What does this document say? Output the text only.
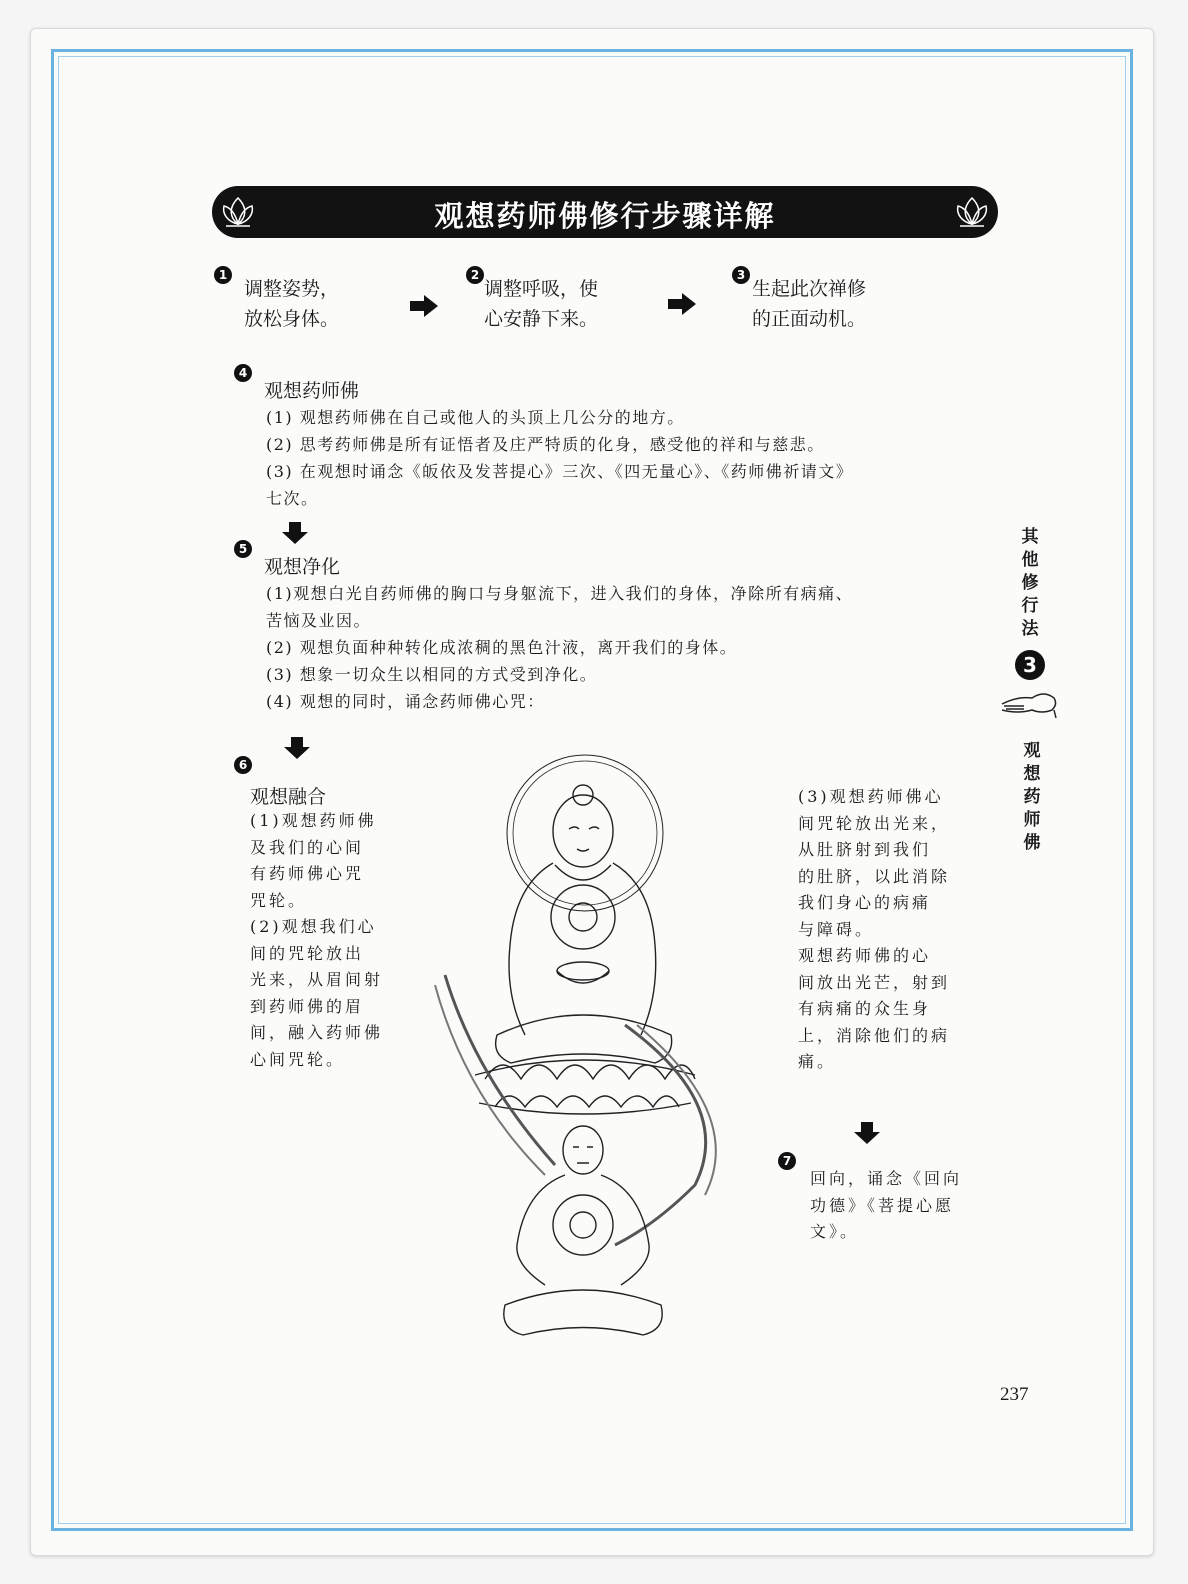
观想药师佛修行步骤详解
1
调整姿势，
放松身体。
2
调整呼吸，使
心安静下来。
3
生起此次禅修
的正面动机。
4
观想药师佛
(1) 观想药师佛在自己或他人的头顶上几公分的地方。
(2) 思考药师佛是所有证悟者及庄严特质的化身，感受他的祥和与慈悲。
(3) 在观想时诵念《皈依及发菩提心》三次、《四无量心》、《药师佛祈请文》
七次。
5
观想净化
(1)观想白光自药师佛的胸口与身躯流下，进入我们的身体，净除所有病痛、
苦恼及业因。
(2) 观想负面种种转化成浓稠的黑色汁液，离开我们的身体。
(3) 想象一切众生以相同的方式受到净化。
(4) 观想的同时，诵念药师佛心咒：
6
观想融合
(1)观想药师佛
及我们的心间
有药师佛心咒
咒轮。
(2)观想我们心
间的咒轮放出
光来，从眉间射
到药师佛的眉
间，融入药师佛
心间咒轮。
(3)观想药师佛心
间咒轮放出光来，
从肚脐射到我们
的肚脐，以此消除
我们身心的病痛
与障碍。
观想药师佛的心
间放出光芒，射到
有病痛的众生身
上，消除他们的病
痛。
7
回向，诵念《回向
功德》《菩提心愿
文》。
其他修行法
3
观想药师佛
237
